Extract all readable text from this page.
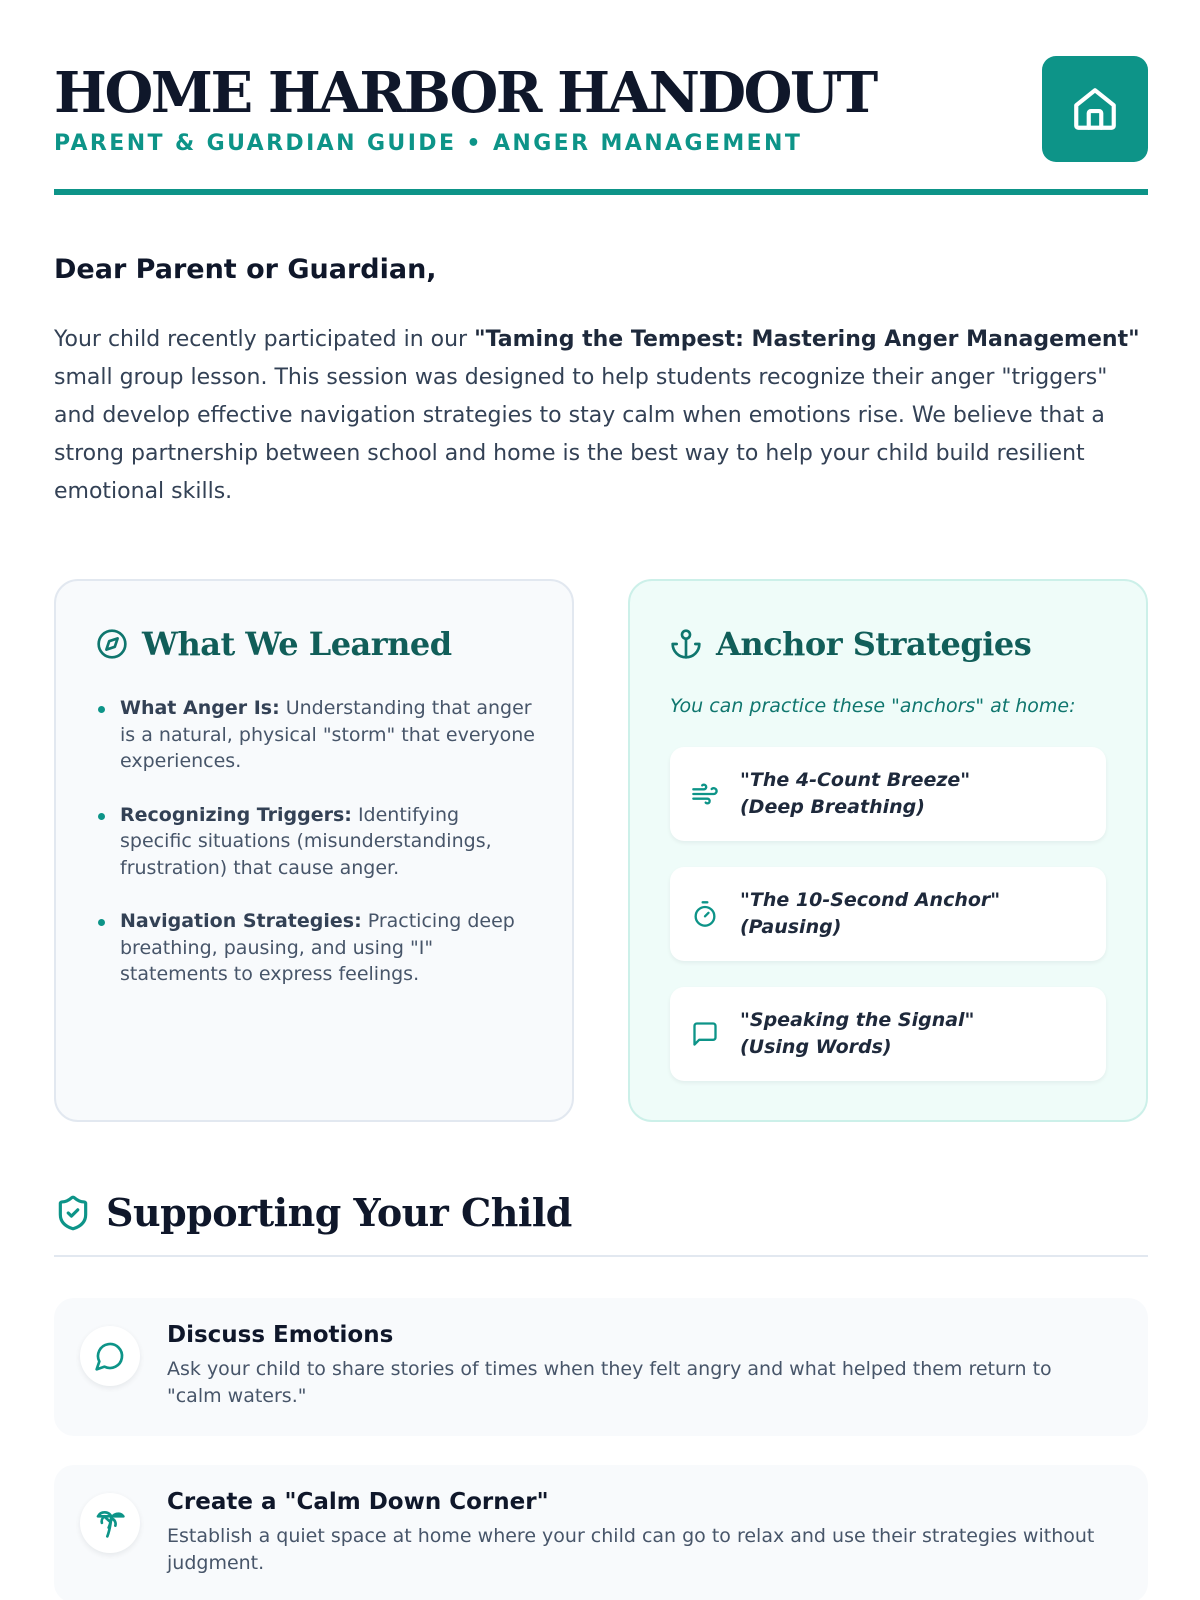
HOME HARBOR HANDOUT
PARENT & GUARDIAN GUIDE • ANGER MANAGEMENT
Dear Parent or Guardian,

Your child recently participated in our "Taming the Tempest: Mastering Anger Management" small group lesson. This session was designed to help students recognize their anger "triggers" and develop effective navigation strategies to stay calm when emotions rise. We believe that a strong partnership between school and home is the best way to help your child build resilient emotional skills.

What We Learned
What Anger Is: Understanding that anger is a natural, physical "storm" that everyone experiences.
Recognizing Triggers: Identifying specific situations (misunderstandings, frustration) that cause anger.
Navigation Strategies: Practicing deep breathing, pausing, and using "I" statements to express feelings.
Anchor Strategies
You can practice these "anchors" at home:
"The 4-Count Breeze" (Deep Breathing)
"The 10-Second Anchor" (Pausing)
"Speaking the Signal" (Using Words)
Supporting Your Child
Discuss Emotions
Ask your child to share stories of times when they felt angry and what helped them return to "calm waters."
Create a "Calm Down Corner"
Establish a quiet space at home where your child can go to relax and use their strategies without judgment.
